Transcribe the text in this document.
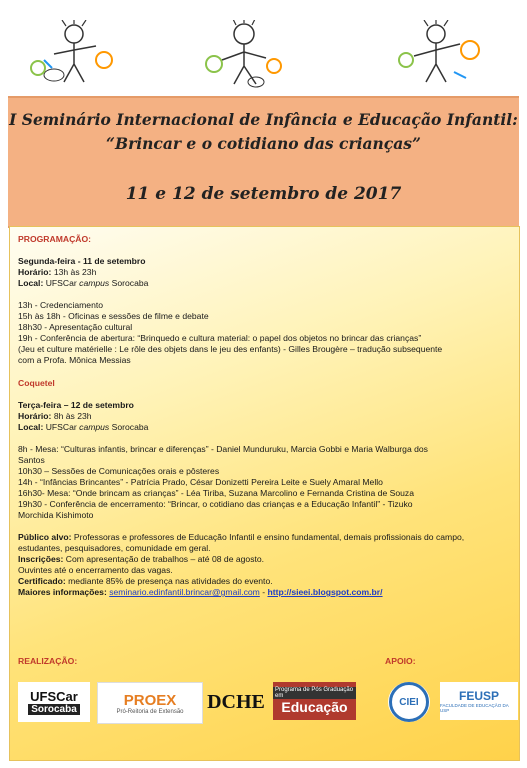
I Seminário Internacional de Infância e Educação Infantil:
“Brincar e o cotidiano das crianças”
11 e 12 de setembro de 2017
PROGRAMAÇÃO:
Segunda-feira - 11 de setembro
Horário: 13h às 23h
Local: UFSCar campus Sorocaba
13h - Credenciamento
15h às 18h - Oficinas e sessões de filme e debate
18h30 - Apresentação cultural
19h - Conferência de abertura: “Brinquedo e cultura material: o papel dos objetos no brincar das crianças”
(Jeu et culture matérielle : Le rôle des objets dans le jeu des enfants) - Gilles Brougère – tradução subsequente
com a Profa. Mônica Messias
Coquetel
Terça-feira – 12 de setembro
Horário: 8h às 23h
Local: UFSCar campus Sorocaba
8h - Mesa: “Culturas infantis, brincar e diferenças” - Daniel Munduruku, Marcia Gobbi e Maria Walburga dos
Santos
10h30 – Sessões de Comunicações orais e pôsteres
14h - “Infâncias Brincantes” - Patrícia Prado, César Donizetti Pereira Leite e Suely Amaral Mello
16h30- Mesa: “Onde brincam as crianças” - Léa Tiriba, Suzana Marcolino e Fernanda Cristina de Souza
19h30 - Conferência de encerramento: “Brincar, o cotidiano das crianças e a Educação Infantil” - Tizuko
Morchida Kishimoto
Público alvo: Professoras e professores de Educação Infantil e ensino fundamental, demais profissionais do campo,
estudantes, pesquisadores, comunidade em geral.
Inscrições: Com apresentação de trabalhos – até 08 de agosto.
Ouvintes até o encerramento das vagas.
Certificado: mediante 85% de presença nas atividades do evento.
Maiores informações: seminario.edinfantil.brincar@gmail.com - http://sieei.blogspot.com.br/
REALIZAÇÃO:	APOIO:
UFSCar
Sorocaba
PROEX
Pró-Reitoria de Extensão DCHE
Programa de Pós Graduação em
Educação	CIEI	FEUSP
FACULDADE DE EDUCAÇÃO DA USP
